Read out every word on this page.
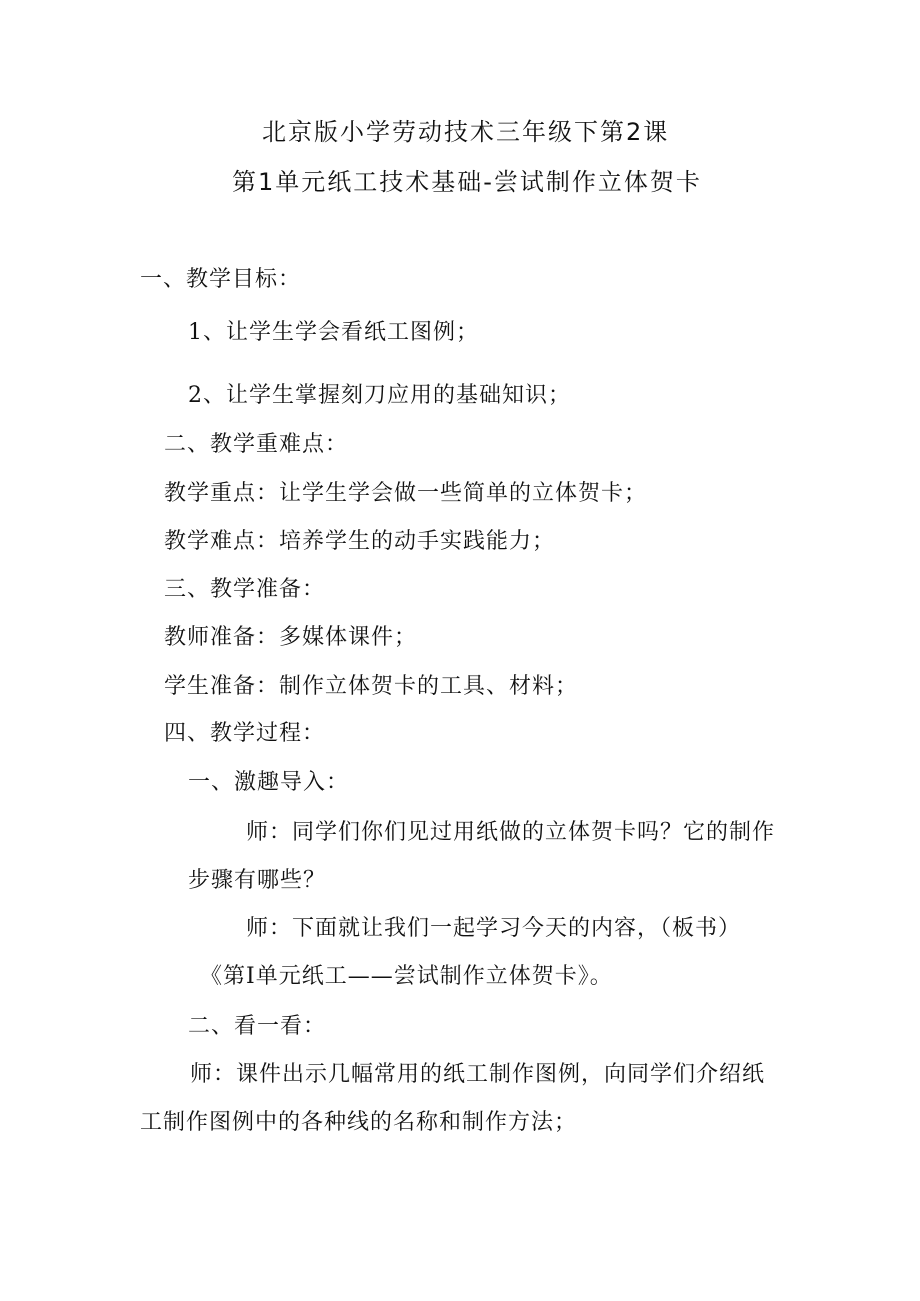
北京版小学劳动技术三年级下第2课
第1单元纸工技术基础-尝试制作立体贺卡
一、教学目标：
1、让学生学会看纸工图例；
2、让学生掌握刻刀应用的基础知识；
二、教学重难点：
教学重点：让学生学会做一些简单的立体贺卡；
教学难点：培养学生的动手实践能力；
三、教学准备：
教师准备：多媒体课件；
学生准备：制作立体贺卡的工具、材料；
四、教学过程：
一、激趣导入：
师：同学们你们见过用纸做的立体贺卡吗？它的制作
步骤有哪些？
师：下面就让我们一起学习今天的内容，（板书）
《第Ⅰ单元纸工——尝试制作立体贺卡》。
二、看一看：
师：课件出示几幅常用的纸工制作图例，向同学们介绍纸
工制作图例中的各种线的名称和制作方法；
